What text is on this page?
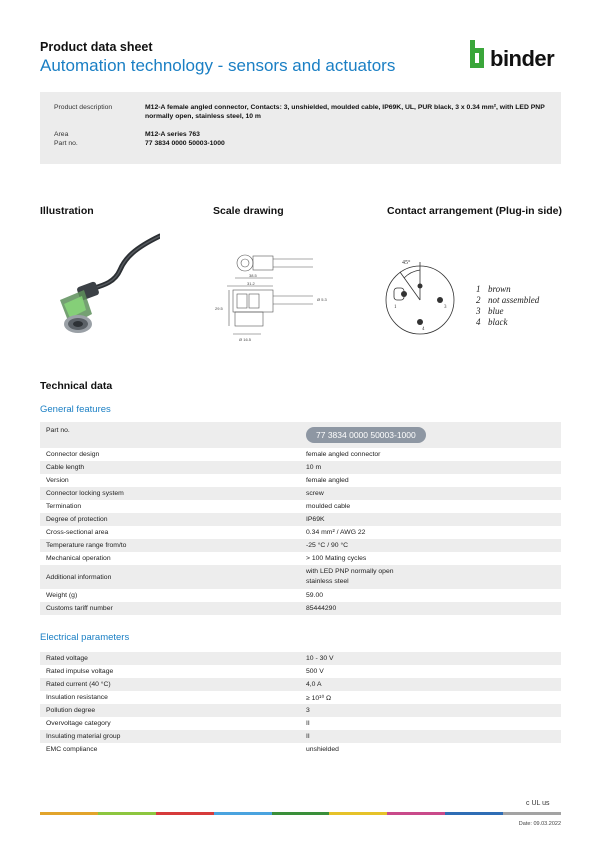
Product data sheet
Automation technology - sensors and actuators	binder
Product description	M12-A female angled connector, Contacts: 3, unshielded, moulded cable, IP69K, UL, PUR black, 3 x 0.34 mm², with LED PNP normally open, stainless steel, 10 m
Area	M12-A series 763
Part no.	77 3834 0000 50003-1000
Illustration	Scale drawing	Contact arrangement (Plug-in side)
38.5
31.2
29.5
Ø 16.5
Ø 5.3
45°
1	3
4
1 brown
2 not assembled
3 blue
4 black
Technical data
General features
Part no.	77 3834 0000 50003-1000
Connector design	female angled connector
Cable length	10 m
Version	female angled
Connector locking system	screw
Termination	moulded cable
Degree of protection	IP69K
Cross-sectional area	0.34 mm² / AWG 22
Temperature range from/to	-25 °C / 90 °C
Mechanical operation	> 100 Mating cycles
Additional information	with LED PNP normally open
stainless steel

Weight (g)	59.00
Customs tariff number	85444290
Electrical parameters
Rated voltage	10 - 30 V
Rated impulse voltage	500 V
Rated current (40 °C)	4,0 A
Insulation resistance	≥ 10¹⁰ Ω
Pollution degree	3
Overvoltage category	II
Insulating material group	II
EMC compliance	unshielded
c UL us
Date: 09.03.2022
